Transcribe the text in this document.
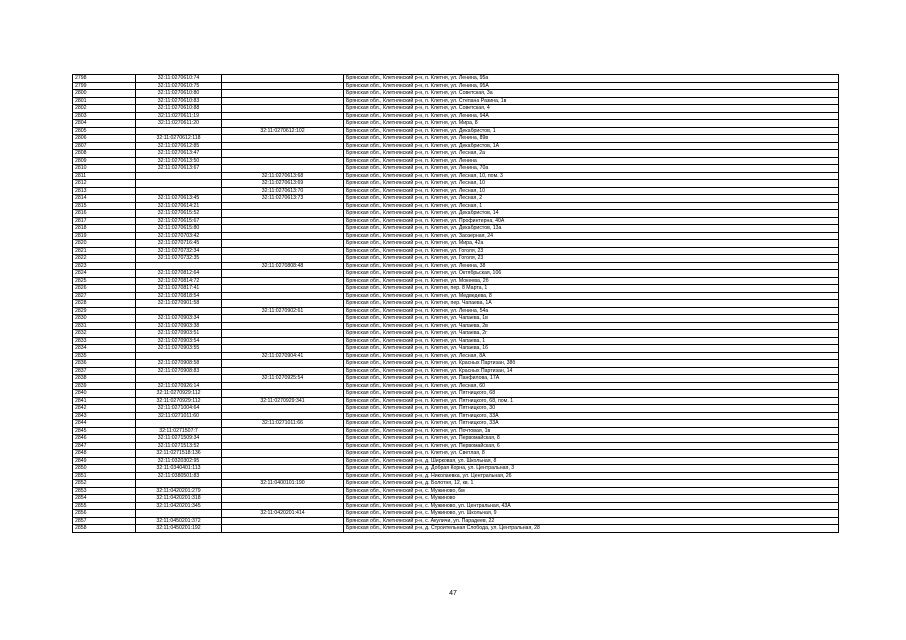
2798	32:11:0270610:74		Брянская обл., Клетнянский р-н, п. Клетня, ул. Ленина, 95а
2799	32:11:0270610:75		Брянская обл., Клетнянский р-н, п. Клетня, ул. Ленина, 95А
2800	32:11:0270610:80		Брянская обл., Клетнянский р-н, п. Клетня, ул. Советская, 3а
2801	32:11:0270610:83		Брянская обл., Клетнянский р-н, п. Клетня, ул. Степана Разина, 1в
2802	32:11:0270610:88		Брянская обл., Клетнянский р-н, п. Клетня, ул. Советская, 4
2803	32:11:0270611:19		Брянская обл., Клетнянский р-н, п. Клетня, ул. Ленина, 94А
2804	32:11:0270611:20		Брянская обл., Клетнянский р-н, п. Клетня, ул. Мира, 8
2805		32:11:0270612:102	Брянская обл., Клетнянский р-н, п. Клетня, ул. Декабристов, 1
2806	32:11:0270612:118		Брянская обл., Клетнянский р-н, п. Клетня, ул. Ленина, 89в
2807	32:11:0270612:85		Брянская обл., Клетнянский р-н, п. Клетня, ул. Декабристов, 1А
2808	32:11:0270613:47		Брянская обл., Клетнянский р-н, п. Клетня, ул. Лесная, 2а
2809	32:11:0270613:50		Брянская обл., Клетнянский р-н, п. Клетня, ул. Ленина
2810	32:11:0270613:67		Брянская обл., Клетнянский р-н, п. Клетня, ул. Ленина, 70а
2811		32:11:0270613:68	Брянская обл., Клетнянский р-н, п. Клетня, ул. Лесная, 10, пом. 3
2812		32:11:0270613:69	Брянская обл., Клетнянский р-н, п. Клетня, ул. Лесная, 10
2813		32:11:0270613:70	Брянская обл., Клетнянский р-н, п. Клетня, ул. Лесная, 10
2814	32:11:0270613:45	32:11:0270613:73	Брянская обл., Клетнянский р-н, п. Клетня, ул. Лесная, 2
2815	32:11:0270614:21		Брянская обл., Клетнянский р-н, п. Клетня, ул. Лесная, 1
2816	32:11:0270615:52		Брянская обл., Клетнянский р-н, п. Клетня, ул. Декабристов, 14
2817	32:11:0270615:67		Брянская обл., Клетнянский р-н, п. Клетня, ул. Профинтерна, 40А
2818	32:11:0270615:80		Брянская обл., Клетнянский р-н, п. Клетня, ул. Декабристов, 13а
2819	32:11:0270703:42		Брянская обл., Клетнянский р-н, п. Клетня, ул. Заозерная, 24
2820	32:11:0270716:45		Брянская обл., Клетнянский р-н, п. Клетня, ул. Мира, 42а
2821	32:11:0270732:34		Брянская обл., Клетнянский р-н, п. Клетня, ул. Гоголя, 23
2822	32:11:0270732:35		Брянская обл., Клетнянский р-н, п. Клетня, ул. Гоголя, 23
2823		32:11:0270808:48	Брянская обл., Клетнянский р-н, п. Клетня, ул. Ленина, 38
2824	32:11:0270812:64		Брянская обл., Клетнянский р-н, п. Клетня, ул. Октябрьская, 106
2825	32:11:0270814:72		Брянская обл., Клетнянский р-н, п. Клетня, ул. Мокеева, 2б
2826	32:11:0270817:41		Брянская обл., Клетнянский р-н, п. Клетня, пер. 8 Марта, 1
2827	32:11:0270818:54		Брянская обл., Клетнянский р-н, п. Клетня, ул. Медведева, 8
2828	32:11:0270901:58		Брянская обл., Клетнянский р-н, п. Клетня, пер. Чапаева, 1А
2829		32:11:0270902:61	Брянская обл., Клетнянский р-н, п. Клетня, ул. Ленина, 54а
2830	32:11:0270903:34		Брянская обл., Клетнянский р-н, п. Клетня, ул. Чапаева, 1в
2831	32:11:0270903:38		Брянская обл., Клетнянский р-н, п. Клетня, ул. Чапаева, 2в
2832	32:11:0270903:51		Брянская обл., Клетнянский р-н, п. Клетня, ул. Чапаева, 2г
2833	32:11:0270903:54		Брянская обл., Клетнянский р-н, п. Клетня, ул. Чапаева, 1
2834	32:11:0270903:55		Брянская обл., Клетнянский р-н, п. Клетня, ул. Чапаева, 16
2835		32:11:0270904:41	Брянская обл., Клетнянский р-н, п. Клетня, ул. Лесная, 8А
2836	32:11:0270908:58		Брянская обл., Клетнянский р-н, п. Клетня, ул. Красных Партизан, 38б
2837	32:11:0270908:83		Брянская обл., Клетнянский р-н, п. Клетня, ул. Красных Партизан, 14
2838		32:11:0270925:54	Брянская обл., Клетнянский р-н, п. Клетня, ул. Панфилова, 17А
2839	32:11:0270926:14		Брянская обл., Клетнянский р-н, п. Клетня, ул. Лесная, 60
2840	32:11:0270929:112		Брянская обл., Клетнянский р-н, п. Клетня, ул. Пятницкого, 68
2841	32:11:0270929:112	32:11:0270929:341	Брянская обл., Клетнянский р-н, п. Клетня, ул. Пятницкого, 68, пом. 1
2842	32:11:0271004:64		Брянская обл., Клетнянский р-н, п. Клетня, ул. Пятницкого, 30
2843	32:11:0271011:60		Брянская обл., Клетнянский р-н, п. Клетня, ул. Пятницкого, 33А
2844		32:11:0271011:66	Брянская обл., Клетнянский р-н, п. Клетня, ул. Пятницкого, 33А
2845	32:11:0271507:7		Брянская обл., Клетнянский р-н, п. Клетня, ул. Почтовая, 1в
2846	32:11:0271509:34		Брянская обл., Клетнянский р-н, п. Клетня, ул. Первомайская, 8
2847	32:11:0271513:52		Брянская обл., Клетнянский р-н, п. Клетня, ул. Первомайская, 6
2848	32:11:0271518:136		Брянская обл., Клетнянский р-н, п. Клетня, ул. Светлая, 8
2849	32:11:0320302:95		Брянская обл., Клетнянский р-н, д. Ширковая, ул. Школьная, 8
2850	32:11:0340401:113		Брянская обл., Клетнянский р-н, д. Добрая Корна, ул. Центральная, 3
2851	32:11:0380501:83		Брянская обл., Клетнянский р-н, д. Николаевка, ул. Центральная, 26
2852		32:11:0400101:190	Брянская обл., Клетнянский р-н, д. Болотня, 12, кв. 1
2853	32:11:0420201:279		Брянская обл., Клетнянский р-н, с. Мужиново, 6м
2854	32:11:0420201:318		Брянская обл., Клетнянский р-н, с. Мужиново
2855	32:11:0420201:345		Брянская обл., Клетнянский р-н, с. Мужиново, ул. Центральная, 43А
2856		32:11:0420201:414	Брянская обл., Клетнянский р-н, с. Мужиново, ул. Школьная, 9
2857	32:11:0450201:372		Брянская обл., Клетнянский р-н, с. Акуличи, ул. Парадеев, 22
2858	32:11:0450201:192		Брянская обл., Клетнянский р-н, д. Строительная Слобода, ул. Центральная, 28
47
